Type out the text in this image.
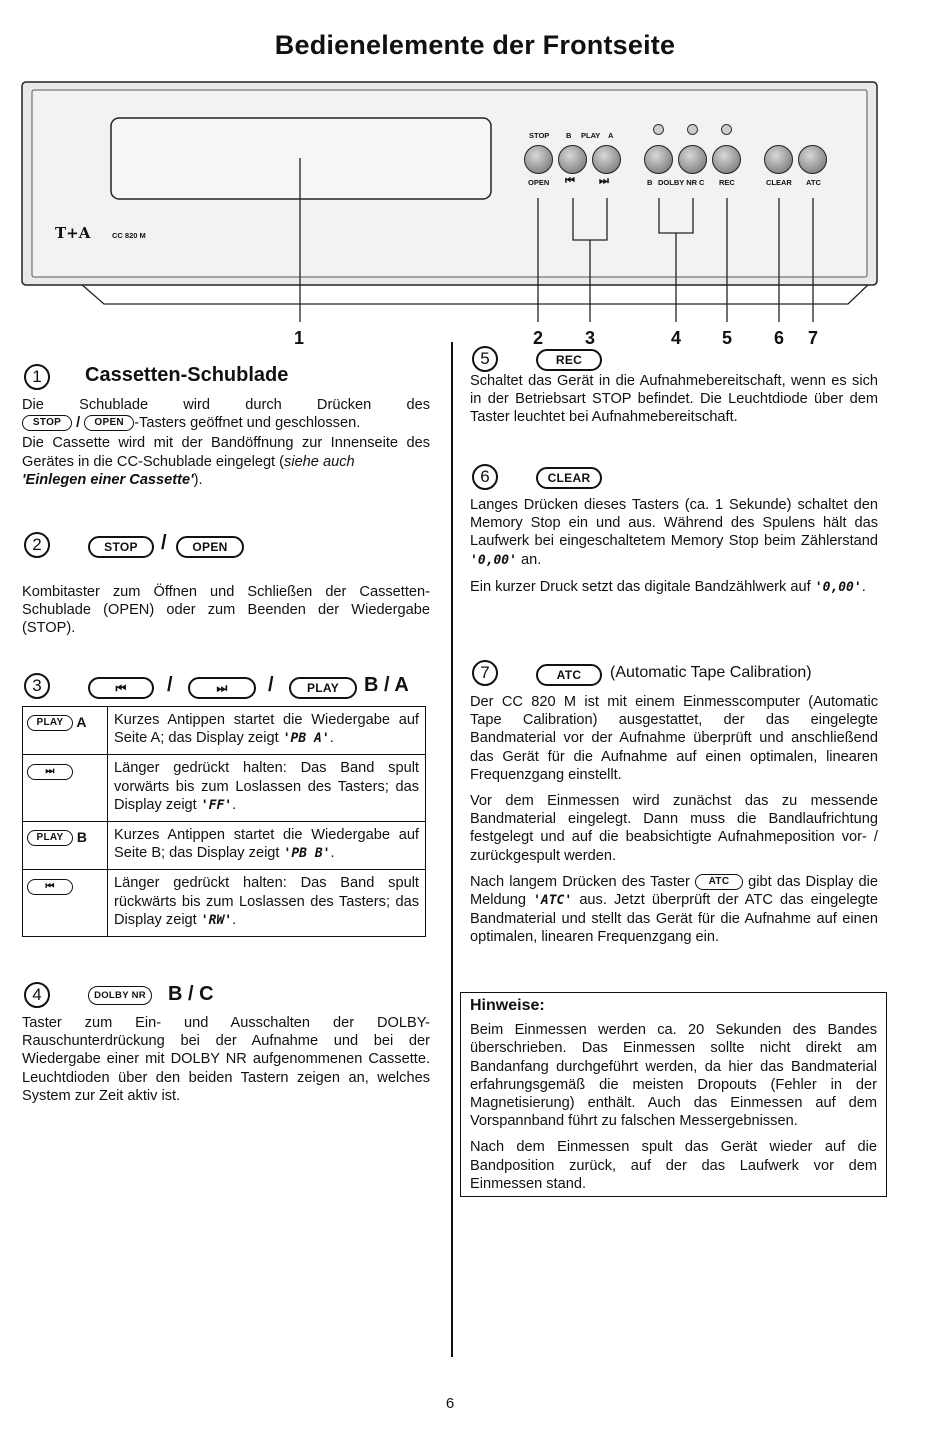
Bedienelemente der Frontseite
T+A	CC 820 M
STOP B PLAY A
OPEN ⏮ ⏭	B DOLBY NR C REC	CLEAR ATC
1	2 3	4 5 6 7
1	Cassetten-Schublade

Die Schublade wird durch Drücken des

STOP / OPEN -Tasters geöffnet und geschlossen.

Die Cassette wird mit der Bandöffnung zur Innenseite des Gerätes in die CC-Schublade eingelegt (siehe auch
'Einlegen einer Cassette').

2	STOP	/	OPEN

Kombitaster zum Öffnen und Schließen der Cassetten-Schublade (OPEN) oder zum Beenden der Wiedergabe (STOP).

3	⏮	/	⏭	/	PLAY	B / A
PLAY A	Kurzes Antippen startet die Wiedergabe auf Seite A; das Display zeigt 'PB A'.
⏭	Länger gedrückt halten: Das Band spult vorwärts bis zum Loslassen des Tasters; das Display zeigt 'FF'.
PLAY B	Kurzes Antippen startet die Wiedergabe auf Seite B; das Display zeigt 'PB B'.
⏮	Länger gedrückt halten: Das Band spult rückwärts bis zum Loslassen des Tasters; das Display zeigt 'RW'.
4	DOLBY NR	B / C

Taster zum Ein- und Ausschalten der DOLBY-Rauschunterdrückung bei der Aufnahme und bei der Wiedergabe einer mit DOLBY NR aufgenommenen Cassette. Leuchtdioden über den beiden Tastern zeigen an, welches System zur Zeit aktiv ist.

5	REC

Schaltet das Gerät in die Aufnahmebereitschaft, wenn es sich in der Betriebsart STOP befindet. Die Leuchtdiode über dem Taster leuchtet bei Aufnahmebereitschaft.

6	CLEAR

Langes Drücken dieses Tasters (ca. 1 Sekunde) schaltet den Memory Stop ein und aus. Während des Spulens hält das Laufwerk bei eingeschaltetem Memory Stop beim Zählerstand '0,00' an.

Ein kurzer Druck setzt das digitale Bandzählwerk auf '0,00'.

7	ATC	(Automatic Tape Calibration)

Der CC 820 M ist mit einem Einmesscomputer (Automatic Tape Calibration) ausgestattet, der das eingelegte Bandmaterial vor der Aufnahme überprüft und anschließend das Gerät für die Aufnahme auf einen optimalen, linearen Frequenzgang einstellt.

Vor dem Einmessen wird zunächst das zu messende Bandmaterial eingelegt. Dann muss die Bandlaufrichtung festgelegt und auf die beabsichtigte Aufnahmeposition vor- / zurückgespult werden.

Nach langem Drücken des Taster ATC gibt das Display die Meldung 'ATC' aus. Jetzt überprüft der ATC das eingelegte Bandmaterial und stellt das Gerät für die Aufnahme auf einen optimalen, linearen Frequenzgang ein.

Hinweise:

Beim Einmessen werden ca. 20 Sekunden des Bandes überschrieben. Das Einmessen sollte nicht direkt am Bandanfang durchgeführt werden, da hier das Bandmaterial erfahrungsgemäß die meisten Dropouts (Fehler in der Magnetisierung) enthält. Auch das Einmessen auf dem Vorspannband führt zu falschen Messergebnissen.

Nach dem Einmessen spult das Gerät wieder auf die Bandposition zurück, auf der das Laufwerk vor dem Einmessen stand.

6
